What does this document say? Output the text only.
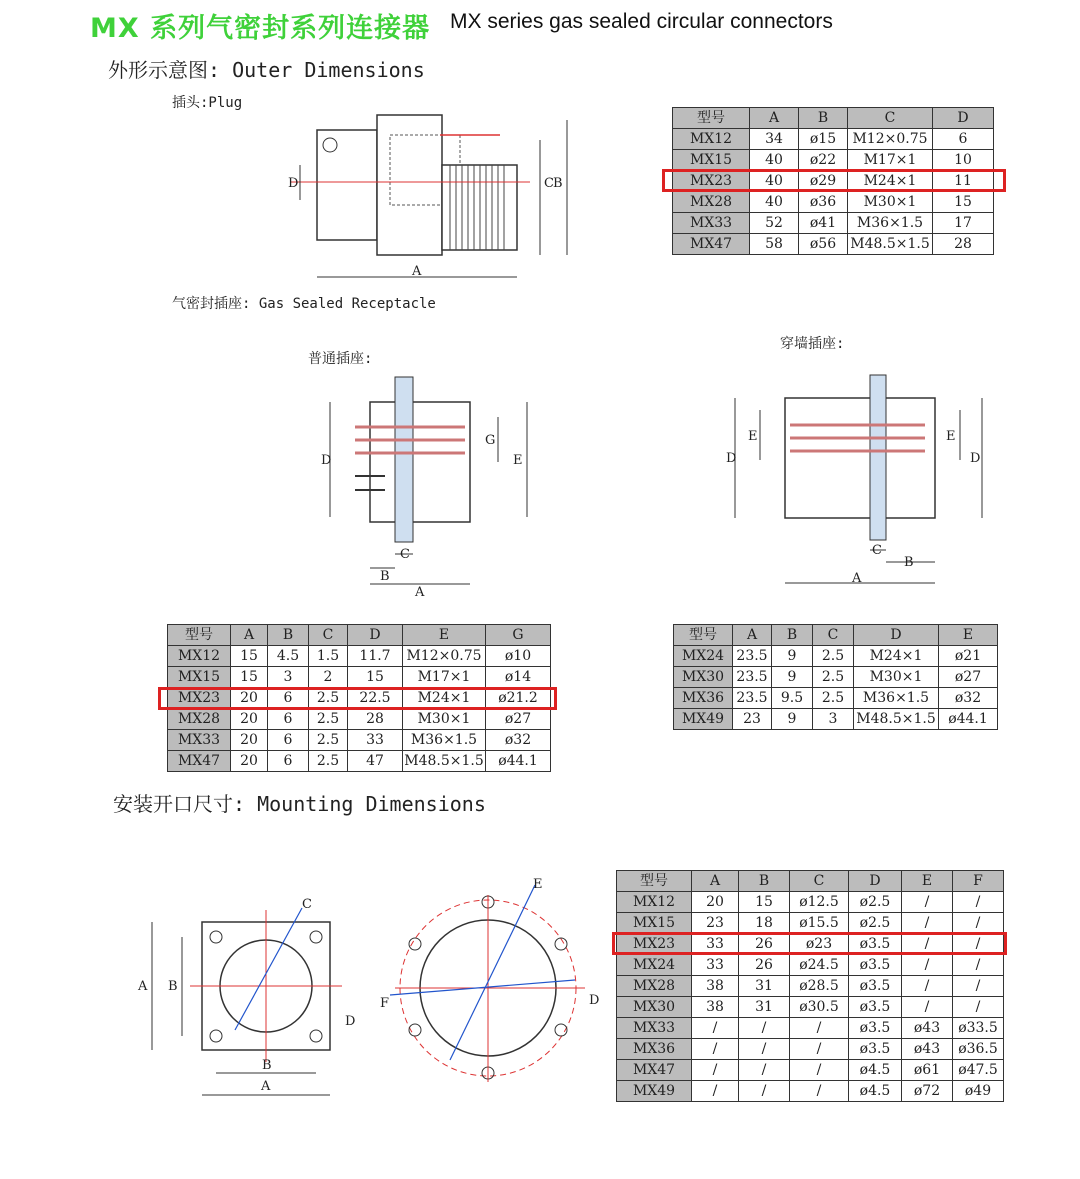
MX 系列气密封系列连接器 MX series gas sealed circular connectors
外形示意图: Outer Dimensions
插头:Plug
D	C B
A
型号	A	B	C	D
MX12	34	ø15	M12×0.75	6
MX15	40	ø22	M17×1	10
MX23	40	ø29	M24×1	11
MX28	40	ø36	M30×1	15
MX33	52	ø41	M36×1.5	17
MX47	58	ø56	M48.5×1.5	28
气密封插座: Gas Sealed Receptacle
普通插座:
穿墙插座:
D
G
E
C
B
A
D
E	E
D
C
B
A
型号	A	B	C	D	E	G
MX12	15	4.5	1.5	11.7	M12×0.75	ø10
MX15	15	3	2	15	M17×1	ø14
MX23	20	6	2.5	22.5	M24×1	ø21.2
MX28	20	6	2.5	28	M30×1	ø27
MX33	20	6	2.5	33	M36×1.5	ø32
MX47	20	6	2.5	47	M48.5×1.5	ø44.1
型号	A	B	C	D	E
MX24	23.5	9	2.5	M24×1	ø21
MX30	23.5	9	2.5	M30×1	ø27
MX36	23.5	9.5	2.5	M36×1.5	ø32
MX49	23	9	3	M48.5×1.5	ø44.1
安装开口尺寸: Mounting Dimensions
C
D
A B
B
A
E
F	D
型号	A	B	C	D	E	F
MX12	20	15	ø12.5	ø2.5	/	/
MX15	23	18	ø15.5	ø2.5	/	/
MX23	33	26	ø23	ø3.5	/	/
MX24	33	26	ø24.5	ø3.5	/	/
MX28	38	31	ø28.5	ø3.5	/	/
MX30	38	31	ø30.5	ø3.5	/	/
MX33	/	/	/	ø3.5	ø43	ø33.5
MX36	/	/	/	ø3.5	ø43	ø36.5
MX47	/	/	/	ø4.5	ø61	ø47.5
MX49	/	/	/	ø4.5	ø72	ø49
